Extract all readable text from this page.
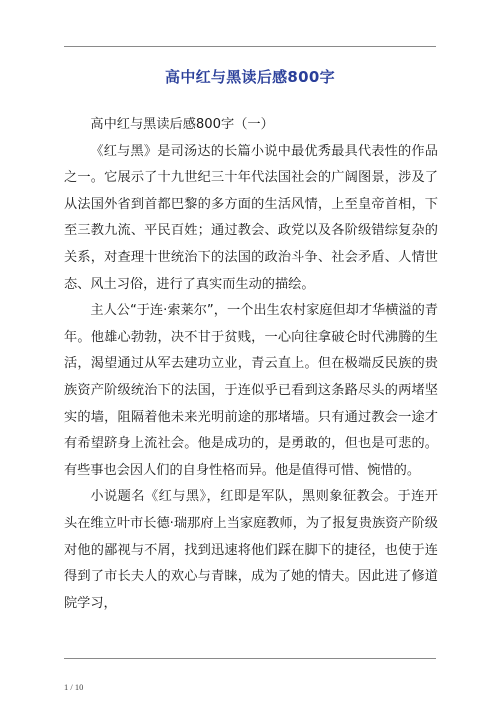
高中红与黑读后感800字

高中红与黑读后感800字（一）

《红与黑》是司汤达的长篇小说中最优秀最具代表性的作品之一。它展示了十九世纪三十年代法国社会的广阔图景，涉及了从法国外省到首都巴黎的多方面的生活风情，上至皇帝首相，下至三教九流、平民百姓；通过教会、政党以及各阶级错综复杂的关系，对查理十世统治下的法国的政治斗争、社会矛盾、人情世态、风土习俗，进行了真实而生动的描绘。

主人公“于连·索莱尔”，一个出生农村家庭但却才华横溢的青年。他雄心勃勃，决不甘于贫贱，一心向往拿破仑时代沸腾的生活，渴望通过从军去建功立业，青云直上。但在极端反民族的贵族资产阶级统治下的法国，于连似乎已看到这条路尽头的两堵坚实的墙，阻隔着他未来光明前途的那堵墙。只有通过教会一途才有希望跻身上流社会。他是成功的，是勇敢的，但也是可悲的。有些事也会因人们的自身性格而异。他是值得可惜、惋惜的。

小说题名《红与黑》，红即是军队，黑则象征教会。于连开头在维立叶市长德·瑞那府上当家庭教师，为了报复贵族资产阶级对他的鄙视与不屑，找到迅速将他们踩在脚下的捷径，也使于连得到了市长夫人的欢心与青睐，成为了她的情夫。因此进了修道院学习，

1 / 10
